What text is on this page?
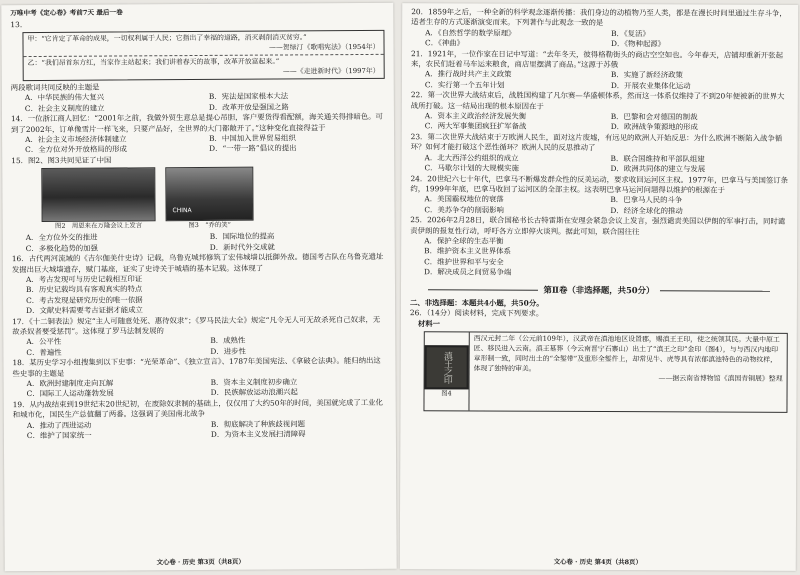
万唯中考《定心卷》考前7天 最后一卷
13.
甲：“它肯定了革命的成果，一切权利属于人民；它指出了幸福的道路，消灭剥削消灭贫穷。”
——贺绿汀《歌唱宪法》（1954年）
乙：“我们昂首东方红，当家作主站起来；我们讲着春天的故事，改革开放富起来。”
——《走进新时代》（1997年）
两段歌词共同反映的主题是
A．中华民族的伟大复兴	B．宪法是国家根本大法
C．社会主义制度的建立	D．改革开放是强国之路
14．一位浙江商人回忆：“2001年之前，我做外贸生意总是提心吊胆，客户要货得看配额，海关通关得排暗色。可到了2002年，订单像雪片一样飞来，只要产品好，全世界的大门都敞开了。”这种变化直接得益于
A．社会主义市场经济体制建立	B．中国加入世界贸易组织
C．全方位对外开放格局的形成	D．“一带一路”倡议的提出
15．图2、图3共同见证了中国
图2　周恩来在万隆会议上发言
CHINA
图3　“乔的笑”
A．全方位外交的推进	B．国际地位的提高
C．多极化趋势的加强	D．新时代外交成就
16．古代两河流域的《吉尔伽美什史诗》记载，乌鲁克城邦修筑了宏伟城墙以抵御外敌。德国考古队在乌鲁克遗址发掘出巨大城墙遗存，赋门基座，证实了史诗关于城墙的基本记载。这体现了
A．考古发现可与历史记载相互印证
B．历史记载均具有客观真实的特点
C．考古发现是研究历史的唯一依据
D．文献史料需要考古证据才能成立
17．《十二铜表法》规定“主人可随意处死、惠待奴隶”；《罗马民法大全》规定“凡令无人可无故杀死自己奴隶，无故杀奴者要受惩罚”。这体现了罗马法制发展的
A．公平性	B．成熟性
C．普遍性	D．进步性
18．某历史学习小组搜集到以下史事：“光荣革命”、《独立宣言》、1787年美国宪法、《拿破仑法典》。能归纳出这些史事的主题是
A．欧洲封建制度走向瓦解	B．资本主义制度初步确立
C．国际工人运动蓬勃发展	D．民族解放运动浪潮兴起
19．从内战结束到19世纪末20世纪初，在废除奴隶制的基础上，仅仅用了大约50年的时间，美国就完成了工业化和城市化，国民生产总值翻了两番。这强调了美国南北战争
A．推动了西进运动	B．彻底解决了种族歧视问题
C．维护了国家统一	D．为资本主义发展扫清障碍
文心卷 · 历史 第3页（共8页）
20．1859年之后，一种全新的科学观念逐渐传播：我们身边的动植物乃至人类，都是在漫长时间里通过生存斗争，适者生存的方式逐渐演变而来。下列著作与此观念一致的是
A．《自然哲学的数学原理》	B．《复活》
C．《神曲》	D．《物种起源》
21．1921年，一位作家在日记中写道：“去年冬天，彼得格勒街头的商店空空如也。今年春天，店铺却重新开张起来，农民们赶着马车运来粮食，商店里摆满了商品。”这源于苏俄
A．推行战时共产主义政策	B．实施了新经济政策
C．实行第一个五年计划	D．开展农业集体化运动
22．第一次世界大战结束后，战胜国构建了凡尔赛—华盛顿体系，然而这一体系仅维持了不到20年便被新的世界大战所打破。这一结局出现的根本原因在于
A．资本主义政治经济发展失衡	B．巴黎和会对德国的制裁
C．两大军事集团疯狂扩军备战	D．欧洲战争策源地的形成
23．第二次世界大战结束于万欧洲人民生，面对这片废墟，有远见的欧洲人开始反思：为什么欧洲不断陷入战争循环？如何才能打破这个恶性循环？欧洲人民的反思推动了
A．北大西洋公约组织的成立	B．联合国维持和平部队组建
C．马歇尔计划的大规模实施	D．欧洲共同体的建立与发展
24．20世纪六七十年代，巴拿马不断爆发群众性的反美运动，要求收回运河区主权。1977年，巴拿马与美国签订条约，1999年年底，巴拿马收回了运河区的全部主权。这表明巴拿马运河问题得以维护的根源在于
A．美国霸权地位的衰落	B．巴拿马人民的斗争
C．美苏争夺的削弱影响	D．经济全球化的推动
25．2026年2月28日，联合国秘书长古特雷斯在安理会紧急会议上发言，强烈谴责美国以伊朗的军事打击，同时谴责伊朗的报复性行动，呼吁各方立即停火谈判。据此可知，联合国往往
A．保护全球的生态平衡
B．维护资本主义世界体系
C．维护世界和平与安全
D．解决成员之间贸易争端
第Ⅱ卷（非选择题，共50分）
二、非选择题：本题共4小题，共50分。
26．（14分）阅读材料，完成下列要求。
材料一
滇王之印
图4
西汉元封二年（公元前109年），汉武帝在滇池地区设置郡，赐滇王王印，使之统领其民。大量中原工匠、移民进入云南。滇王墓葬（今云南晋宁石寨山）出土了“滇王之印”金印（图4），与与西汉内地印章形制一致，同时出土的“全錾带”及重形全錾件上，却常见牛、虎等具有浓郁滇池特色的动物纹样，体现了独特的审美。
——据云南省博物馆《滇国青铜展》整理
文心卷 · 历史 第4页（共8页）
